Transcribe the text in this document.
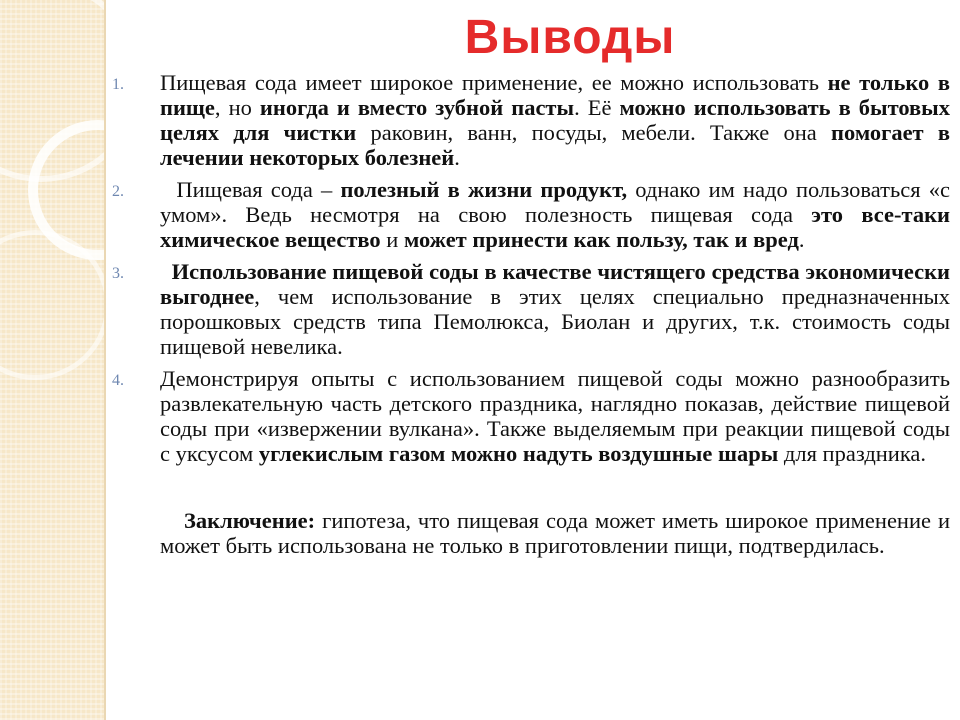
Выводы
1. Пищевая сода имеет широкое применение, ее можно использовать не только в пище, но иногда и вместо зубной пасты. Её можно использовать в бытовых целях для чистки раковин, ванн, посуды, мебели. Также она помогает в лечении некоторых болезней.
2. Пищевая сода – полезный в жизни продукт, однако им надо пользоваться «с умом». Ведь несмотря на свою полезность пищевая сода это все-таки химическое вещество и может принести как пользу, так и вред.
3. Использование пищевой соды в качестве чистящего средства экономически выгоднее, чем использование в этих целях специально предназначенных порошковых средств типа Пемолюкса, Биолан и других, т.к. стоимость соды пищевой невелика.
4. Демонстрируя опыты с использованием пищевой соды можно разнообразить развлекательную часть детского праздника, наглядно показав, действие пищевой соды при «извержении вулкана». Также выделяемым при реакции пищевой соды с уксусом углекислым газом можно надуть воздушные шары для праздника.
Заключение: гипотеза, что пищевая сода может иметь широкое применение и может быть использована не только в приготовлении пищи, подтвердилась.
